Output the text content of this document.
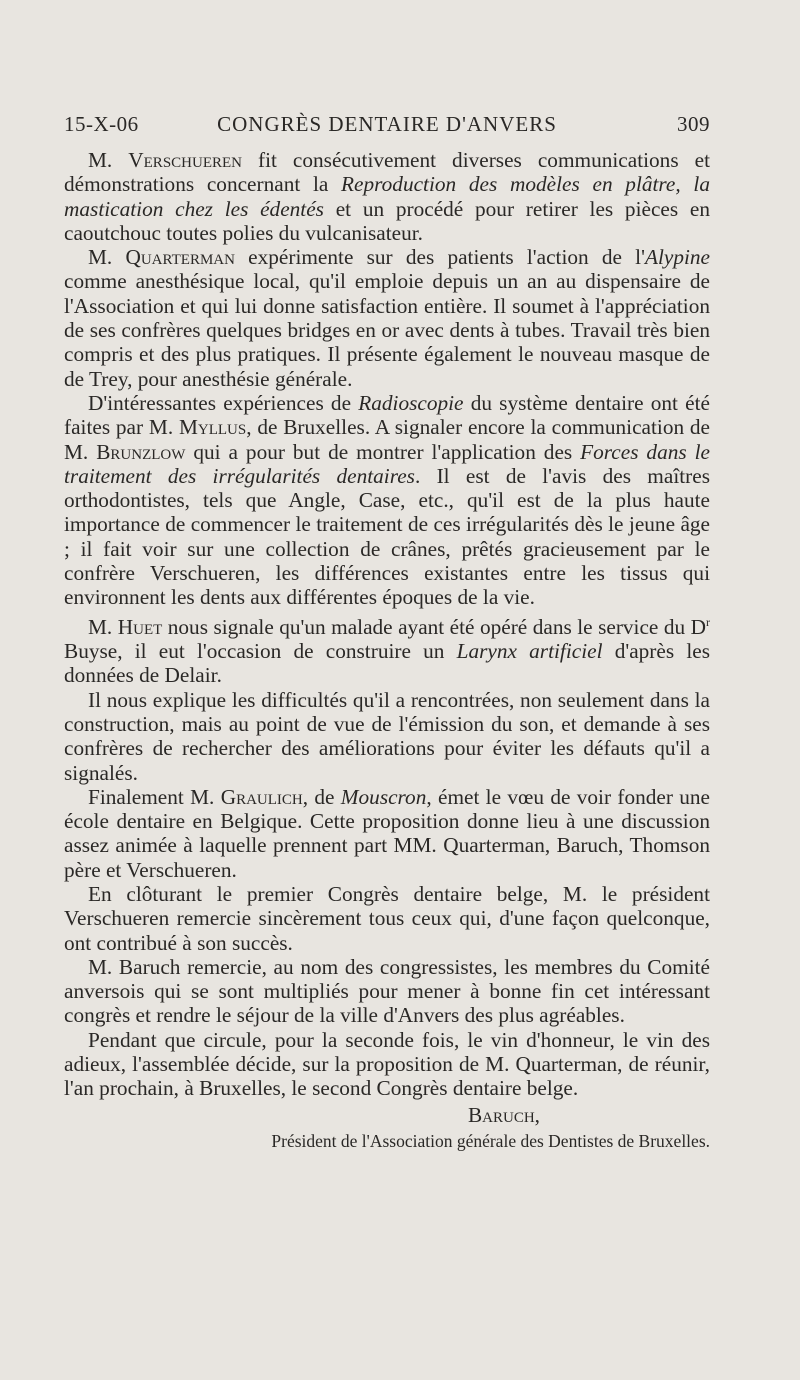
15-X-06	CONGRÈS DENTAIRE D'ANVERS	309

M. Verschueren fit consécutivement diverses communications et démonstrations concernant la Reproduction des modèles en plâtre, la mastication chez les édentés et un procédé pour retirer les pièces en caoutchouc toutes polies du vulcanisateur.

M. Quarterman expérimente sur des patients l'action de l'Alypine comme anesthésique local, qu'il emploie depuis un an au dispensaire de l'Association et qui lui donne satisfaction entière. Il soumet à l'appréciation de ses confrères quelques bridges en or avec dents à tubes. Travail très bien compris et des plus pratiques. Il présente également le nouveau masque de de Trey, pour anesthésie générale.

D'intéressantes expériences de Radioscopie du système dentaire ont été faites par M. Myllus, de Bruxelles. A signaler encore la communication de M. Brunzlow qui a pour but de montrer l'application des Forces dans le traitement des irrégularités dentaires. Il est de l'avis des maîtres orthodontistes, tels que Angle, Case, etc., qu'il est de la plus haute importance de commencer le traitement de ces irrégularités dès le jeune âge ; il fait voir sur une collection de crânes, prêtés gracieusement par le confrère Verschueren, les différences existantes entre les tissus qui environnent les dents aux différentes époques de la vie.

M. Huet nous signale qu'un malade ayant été opéré dans le service du $D^r$ Buyse, il eut l'occasion de construire un Larynx artificiel d'après les données de Delair.

Il nous explique les difficultés qu'il a rencontrées, non seulement dans la construction, mais au point de vue de l'émission du son, et demande à ses confrères de rechercher des améliorations pour éviter les défauts qu'il a signalés.

Finalement M. Graulich, de Mouscron, émet le vœu de voir fonder une école dentaire en Belgique. Cette proposition donne lieu à une discussion assez animée à laquelle prennent part MM. Quarterman, Baruch, Thomson père et Verschueren.

En clôturant le premier Congrès dentaire belge, M. le président Verschueren remercie sincèrement tous ceux qui, d'une façon quelconque, ont contribué à son succès.

M. Baruch remercie, au nom des congressistes, les membres du Comité anversois qui se sont multipliés pour mener à bonne fin cet intéressant congrès et rendre le séjour de la ville d'Anvers des plus agréables.

Pendant que circule, pour la seconde fois, le vin d'honneur, le vin des adieux, l'assemblée décide, sur la proposition de M. Quarterman, de réunir, l'an prochain, à Bruxelles, le second Congrès dentaire belge.

Baruch,
Président de l'Association générale des Dentistes de Bruxelles.
